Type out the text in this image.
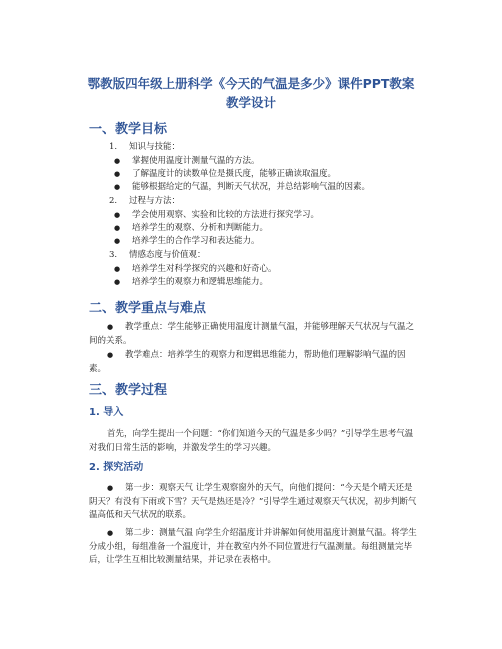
鄂教版四年级上册科学《今天的气温是多少》课件PPT教案
教学设计
一、教学目标
1. 知识与技能：
● 掌握使用温度计测量气温的方法。
● 了解温度计的读数单位是摄氏度，能够正确读取温度。
● 能够根据给定的气温，判断天气状况，并总结影响气温的因素。
2. 过程与方法：
● 学会使用观察、实验和比较的方法进行探究学习。
● 培养学生的观察、分析和判断能力。
● 培养学生的合作学习和表达能力。
3. 情感态度与价值观：
● 培养学生对科学探究的兴趣和好奇心。
● 培养学生的观察力和逻辑思维能力。
二、教学重点与难点
● 教学重点：学生能够正确使用温度计测量气温，并能够理解天气状况与气温之间的关系。
● 教学难点：培养学生的观察力和逻辑思维能力，帮助他们理解影响气温的因素。
三、教学过程
1. 导入
首先，向学生提出一个问题：“你们知道今天的气温是多少吗？”引导学生思考气温对我们日常生活的影响，并激发学生的学习兴趣。
2. 探究活动
● 第一步：观察天气 让学生观察窗外的天气，向他们提问：“今天是个晴天还是阴天？有没有下雨或下雪？天气是热还是冷？”引导学生通过观察天气状况，初步判断气温高低和天气状况的联系。
● 第二步：测量气温 向学生介绍温度计并讲解如何使用温度计测量气温。将学生分成小组，每组准备一个温度计，并在教室内外不同位置进行气温测量。每组测量完毕后，让学生互相比较测量结果，并记录在表格中。
